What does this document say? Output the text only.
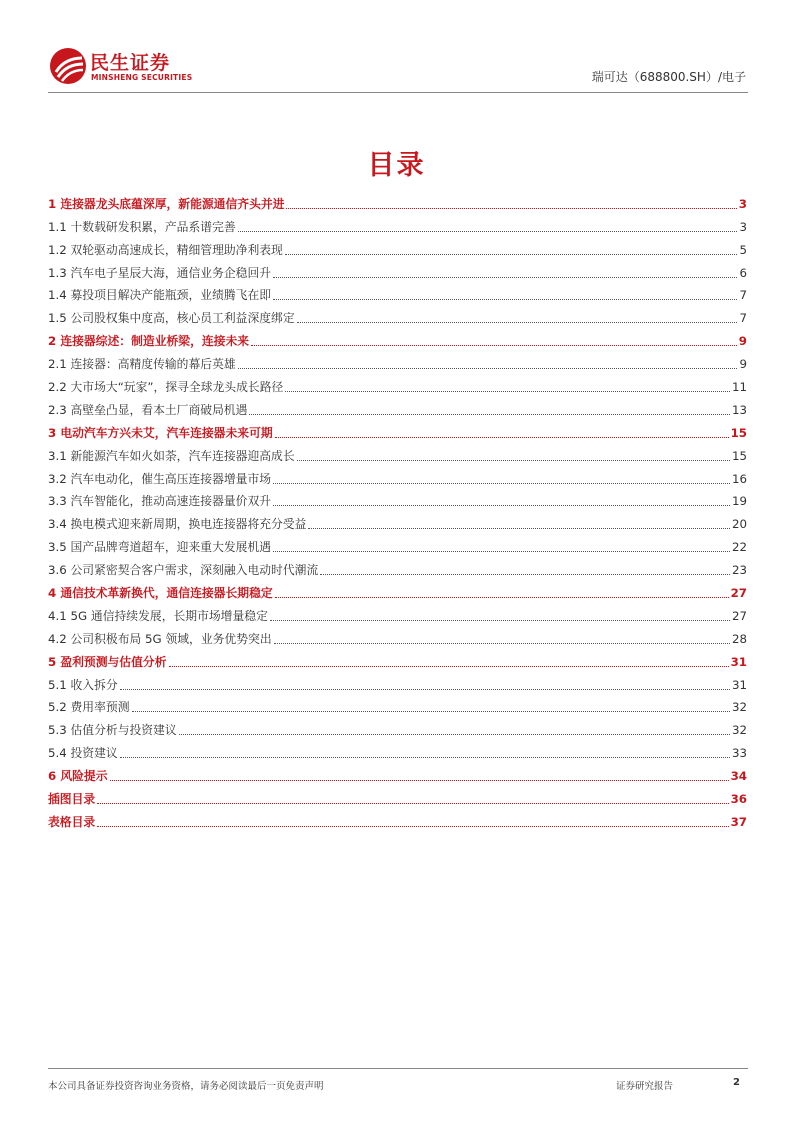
民生证券
MINSHENG SECURITIES	瑞可达（688800.SH）/电子
目录
1 连接器龙头底蕴深厚，新能源通信齐头并进	3
1.1 十数载研发积累，产品系谱完善	3
1.2 双轮驱动高速成长，精细管理助净利表现	5
1.3 汽车电子星辰大海，通信业务企稳回升	6
1.4 募投项目解决产能瓶颈，业绩腾飞在即	7
1.5 公司股权集中度高，核心员工利益深度绑定	7
2 连接器综述：制造业桥梁，连接未来	9
2.1 连接器：高精度传输的幕后英雄	9
2.2 大市场大“玩家”，探寻全球龙头成长路径	11
2.3 高壁垒凸显，看本土厂商破局机遇	13
3 电动汽车方兴未艾，汽车连接器未来可期	15
3.1 新能源汽车如火如荼，汽车连接器迎高成长	15
3.2 汽车电动化，催生高压连接器增量市场	16
3.3 汽车智能化，推动高速连接器量价双升	19
3.4 换电模式迎来新周期，换电连接器将充分受益	20
3.5 国产品牌弯道超车，迎来重大发展机遇	22
3.6 公司紧密契合客户需求，深刻融入电动时代潮流	23
4 通信技术革新换代，通信连接器长期稳定	27
4.1 5G 通信持续发展，长期市场增量稳定	27
4.2 公司积极布局 5G 领域，业务优势突出	28
5 盈利预测与估值分析	31
5.1 收入拆分	31
5.2 费用率预测	32
5.3 估值分析与投资建议	32
5.4 投资建议	33
6 风险提示	34
插图目录	36
表格目录	37
本公司具备证券投资咨询业务资格，请务必阅读最后一页免责声明	证券研究报告	2
